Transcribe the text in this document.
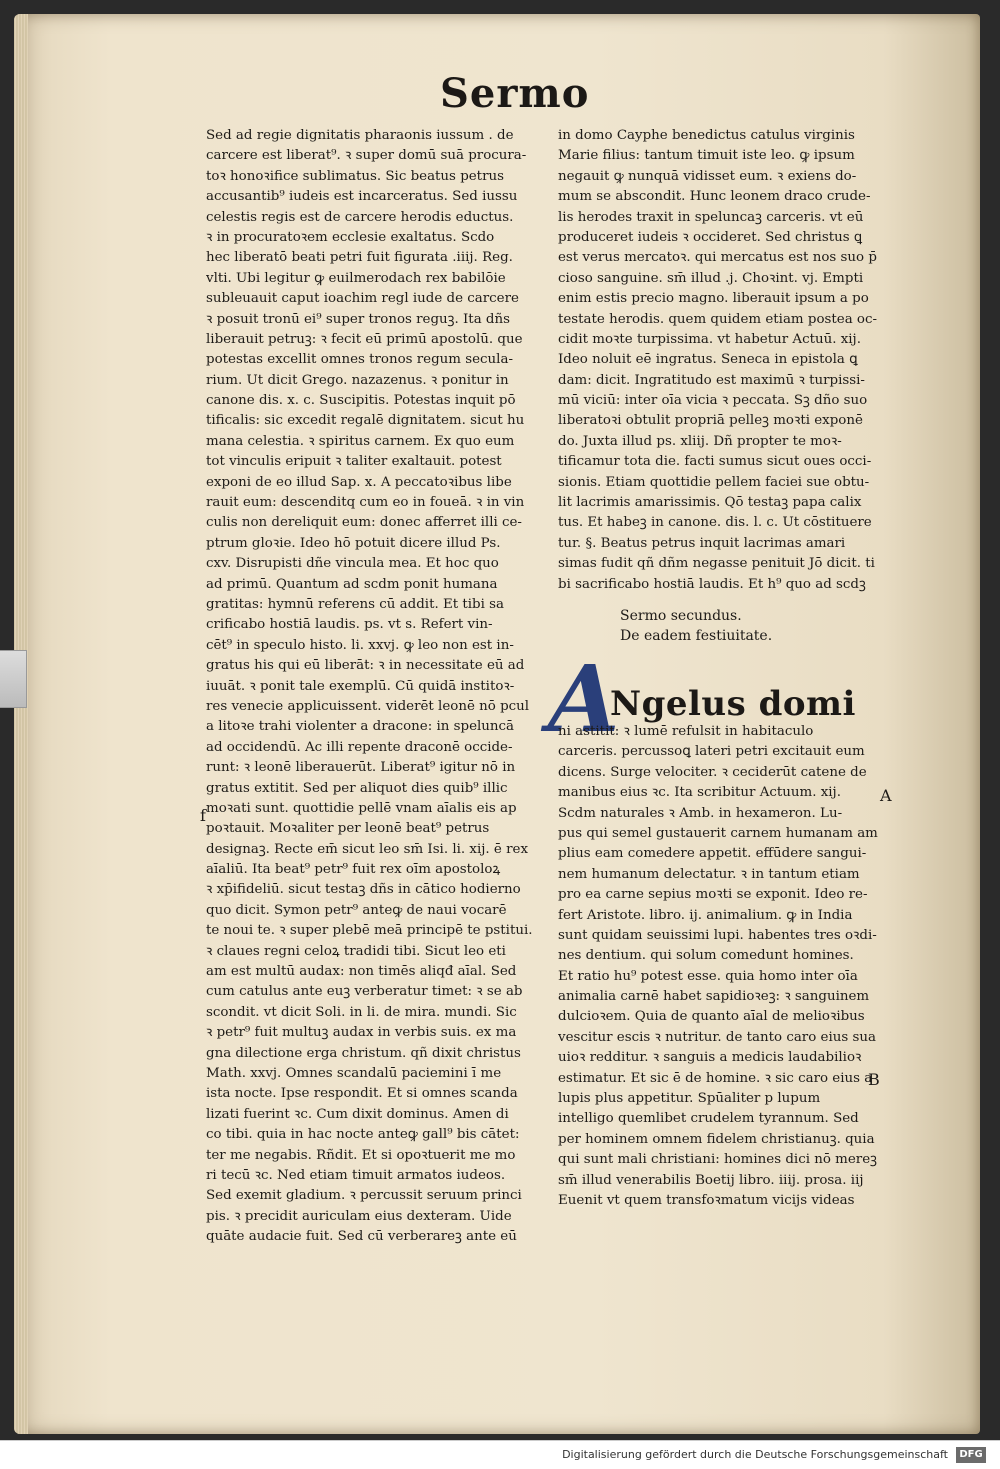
Sermo
Sed ad regie dignitatis pharaonis iussum . de
carcere est liberat⁹. ꝛ super domū suā procura-
toꝛ honoꝛifice sublimatus. Sic beatus petrus
accusantib⁹ iudeis est incarceratus. Sed iussu
celestis regis est de carcere herodis eductus.
ꝛ in procuratoꝛem ecclesie exaltatus. Scdo
hec liberatō beati petri fuit figurata .iiij. Reg.
vlti. Ubi legitur ꝙ euilmerodach rex babilōie
subleuauit caput ioachim regl iude de carcere
ꝛ posuit tronū ei⁹ super tronos reguꝫ. Ita dñs
liberauit petruꝫ: ꝛ fecit eū primū apostolū. que
potestas excellit omnes tronos regum secula-
rium. Ut dicit Grego. nazazenus. ꝛ ponitur in
canone dis. x. c. Suscipitis. Potestas inquit pō
tificalis: sic excedit regalē dignitatem. sicut hu
mana celestia. ꝛ spiritus carnem. Ex quo eum
tot vinculis eripuit ꝛ taliter exaltauit. potest
exponi de eo illud Sap. x. A peccatoꝛibus libe
rauit eum: descenditq cum eo in foueā. ꝛ in vin
culis non dereliquit eum: donec afferret illi ce-
ptrum gloꝛie. Ideo hō potuit dicere illud Ps.
cxv. Disrupisti dñe vincula mea. Et hoc quo
ad primū. Quantum ad scdm ponit humana
gratitas: hymnū referens cū addit. Et tibi sa
crificabo hostiā laudis. ps. vt s. Refert vin-
cēt⁹ in speculo histo. li. xxvj. ꝙ leo non est in-
gratus his qui eū liberāt: ꝛ in necessitate eū ad
iuuāt. ꝛ ponit tale exemplū. Cū quidā institoꝛ-
res venecie applicuissent. viderēt leonē nō pcul
a litoꝛe trahi violenter a dracone: in speluncā
ad occidendū. Ac illi repente draconē occide-
runt: ꝛ leonē liberauerūt. Liberat⁹ igitur nō in
gratus extitit. Sed per aliquot dies quib⁹ illic
moꝛati sunt. quottidie pellē vnam aīalis eis ap
poꝛtauit. Moꝛaliter per leonē beat⁹ petrus
designaꝫ. Recte em̄ sicut leo sm̄ Isi. li. xij. ē rex
aīaliū. Ita beat⁹ petr⁹ fuit rex oīm apostoloꝝ
ꝛ xp̄ifideliū. sicut testaꝫ dñs in cātico hodierno
quo dicit. Symon petr⁹ anteꝙ de naui vocarē
te noui te. ꝛ super plebē meā principē te pstitui.
ꝛ claues regni celoꝝ tradidi tibi. Sicut leo eti
am est multū audax: non timēs aliqđ aīal. Sed
cum catulus ante euꝫ verberatur timet: ꝛ se ab
scondit. vt dicit Soli. in li. de mira. mundi. Sic
ꝛ petr⁹ fuit multuꝫ audax in verbis suis. ex ma
gna dilectione erga christum. qñ dixit christus
Math. xxvj. Omnes scandalū paciemini ī me
ista nocte. Ipse respondit. Et si omnes scanda
lizati fuerint ꝛc. Cum dixit dominus. Amen di
co tibi. quia in hac nocte anteꝙ gall⁹ bis cātet:
ter me negabis. Rñdit. Et si opoꝛtuerit me mo
ri tecū ꝛc. Ned etiam timuit armatos iudeos.
Sed exemit gladium. ꝛ percussit seruum princi
pis. ꝛ precidit auriculam eius dexteram. Uide
quāte audacie fuit. Sed cū verberareꝫ ante eū
in domo Cayphe benedictus catulus virginis
Marie filius: tantum timuit iste leo. ꝙ ipsum
negauit ꝙ nunquā vidisset eum. ꝛ exiens do-
mum se abscondit. Hunc leonem draco crude-
lis herodes traxit in speluncaꝫ carceris. vt eū
produceret iudeis ꝛ occideret. Sed christus ꝗ
est verus mercatoꝛ. qui mercatus est nos suo p̄
cioso sanguine. sm̄ illud .j. Choꝛint. vj. Empti
enim estis precio magno. liberauit ipsum a po
testate herodis. quem quidem etiam postea oc-
cidit moꝛte turpissima. vt habetur Actuū. xij.
Ideo noluit eē ingratus. Seneca in epistola ꝗ
dam: dicit. Ingratitudo est maximū ꝛ turpissi-
mū viciū: inter oīa vicia ꝛ peccata. Sꝫ dño suo
liberatoꝛi obtulit propriā pelleꝫ moꝛti exponē
do. Juxta illud ps. xliij. Dñ propter te moꝛ-
tificamur tota die. facti sumus sicut oues occi-
sionis. Etiam quottidie pellem faciei sue obtu-
lit lacrimis amarissimis. Qō testaꝫ papa calix
tus. Et habeꝫ in canone. dis. l. c. Ut cōstituere
tur. §. Beatus petrus inquit lacrimas amari
simas fudit qñ dñm negasse penituit Jō dicit. ti
bi sacrificabo hostiā laudis. Et h⁹ quo ad scdꝫ
Sermo secundus.
De eadem festiuitate.
A
Ngelus domi
ni astitit: ꝛ lumē refulsit in habitaculo
carceris. percussoꝗ lateri petri excitauit eum
dicens. Surge velociter. ꝛ ceciderūt catene de
manibus eius ꝛc. Ita scribitur Actuum. xij.
Scdm naturales ꝛ Amb. in hexameron. Lu-
pus qui semel gustauerit carnem humanam am
plius eam comedere appetit. effūdere sangui-
nem humanum delectatur. ꝛ in tantum etiam
pro ea carne sepius moꝛti se exponit. Ideo re-
fert Aristote. libro. ij. animalium. ꝙ in India
sunt quidam seuissimi lupi. habentes tres oꝛdi-
nes dentium. qui solum comedunt homines.
Et ratio hu⁹ potest esse. quia homo inter oīa
animalia carnē habet sapidioꝛeꝫ: ꝛ sanguinem
dulcioꝛem. Quia de quanto aīal de melioꝛibus
vescitur escis ꝛ nutritur. de tanto caro eius sua
uioꝛ redditur. ꝛ sanguis a medicis laudabilioꝛ
estimatur. Et sic ē de homine. ꝛ sic caro eius a
lupis plus appetitur. Spūaliter p lupum
intelligo quemlibet crudelem tyrannum. Sed
per hominem omnem fidelem christianuꝫ. quia
qui sunt mali christiani: homines dici nō mereꝫ
sm̄ illud venerabilis Boetij libro. iiij. prosa. iij
Euenit vt quem transfoꝛmatum vicijs videas
f
A
B
Digitalisierung gefördert durch die Deutsche Forschungsgemeinschaft	DFG
